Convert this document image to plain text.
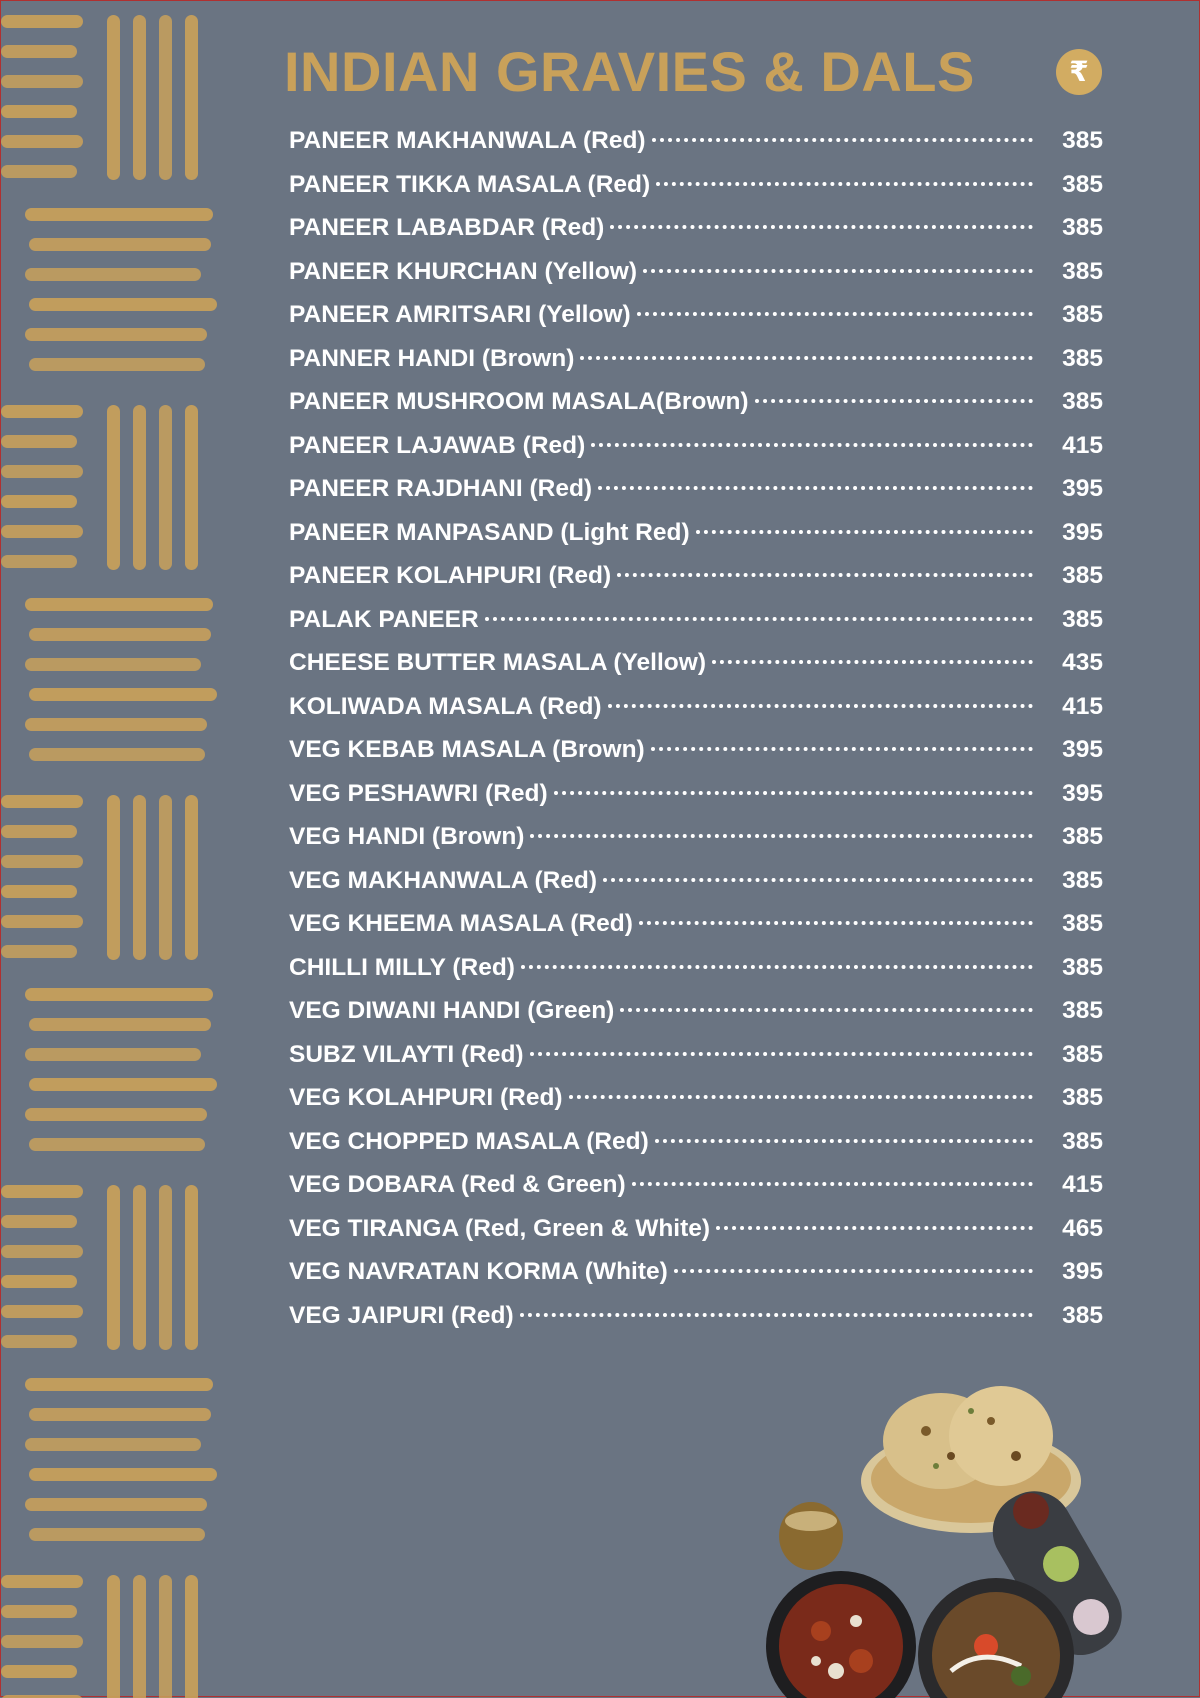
INDIAN GRAVIES & DALS	₹
PANEER MAKHANWALA (Red)	385
PANEER TIKKA MASALA (Red)	385
PANEER LABABDAR (Red)	385
PANEER KHURCHAN (Yellow)	385
PANEER AMRITSARI (Yellow)	385
PANNER HANDI (Brown)	385
PANEER MUSHROOM MASALA(Brown)	385
PANEER LAJAWAB (Red)	415
PANEER RAJDHANI (Red)	395
PANEER MANPASAND (Light Red)	395
PANEER KOLAHPURI (Red)	385
PALAK PANEER	385
CHEESE BUTTER MASALA (Yellow)	435
KOLIWADA MASALA (Red)	415
VEG KEBAB MASALA (Brown)	395
VEG PESHAWRI (Red)	395
VEG HANDI (Brown)	385
VEG MAKHANWALA (Red)	385
VEG KHEEMA MASALA (Red)	385
CHILLI MILLY (Red)	385
VEG DIWANI HANDI (Green)	385
SUBZ VILAYTI (Red)	385
VEG KOLAHPURI (Red)	385
VEG CHOPPED MASALA (Red)	385
VEG DOBARA (Red & Green)	415
VEG TIRANGA (Red, Green & White)	465
VEG NAVRATAN KORMA (White)	395
VEG JAIPURI (Red)	385
